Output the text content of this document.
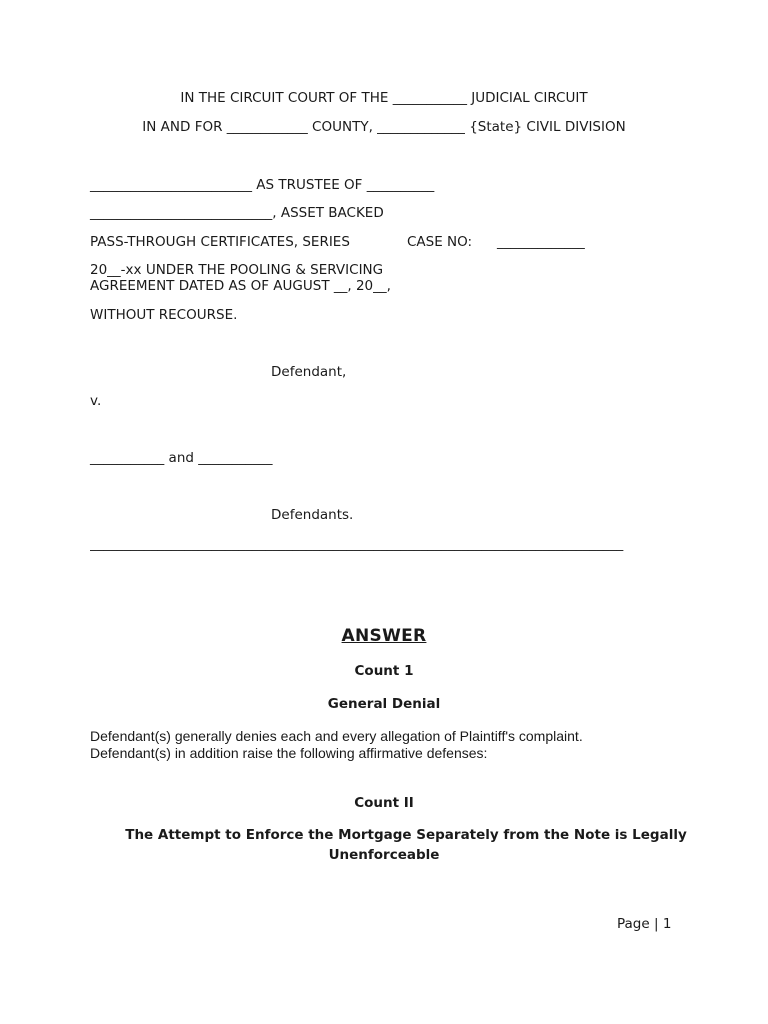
IN THE CIRCUIT COURT OF THE ___________ JUDICIAL CIRCUIT
IN AND FOR ____________ COUNTY, _____________ {State} CIVIL DIVISION
________________________ AS TRUSTEE OF __________
___________________________, ASSET BACKED
PASS-THROUGH CERTIFICATES, SERIES	CASE NO: _____________
20__-xx UNDER THE POOLING & SERVICING
AGREEMENT DATED AS OF AUGUST __, 20__,
WITHOUT RECOURSE.
Defendant,
v.
___________ and ___________
Defendants.
_______________________________________________________________________________
ANSWER
Count 1
General Denial
Defendant(s) generally denies each and every allegation of Plaintiff's complaint.
Defendant(s) in addition raise the following affirmative defenses:
Count II
The Attempt to Enforce the Mortgage Separately from the Note is Legally
Unenforceable
Page | 1
